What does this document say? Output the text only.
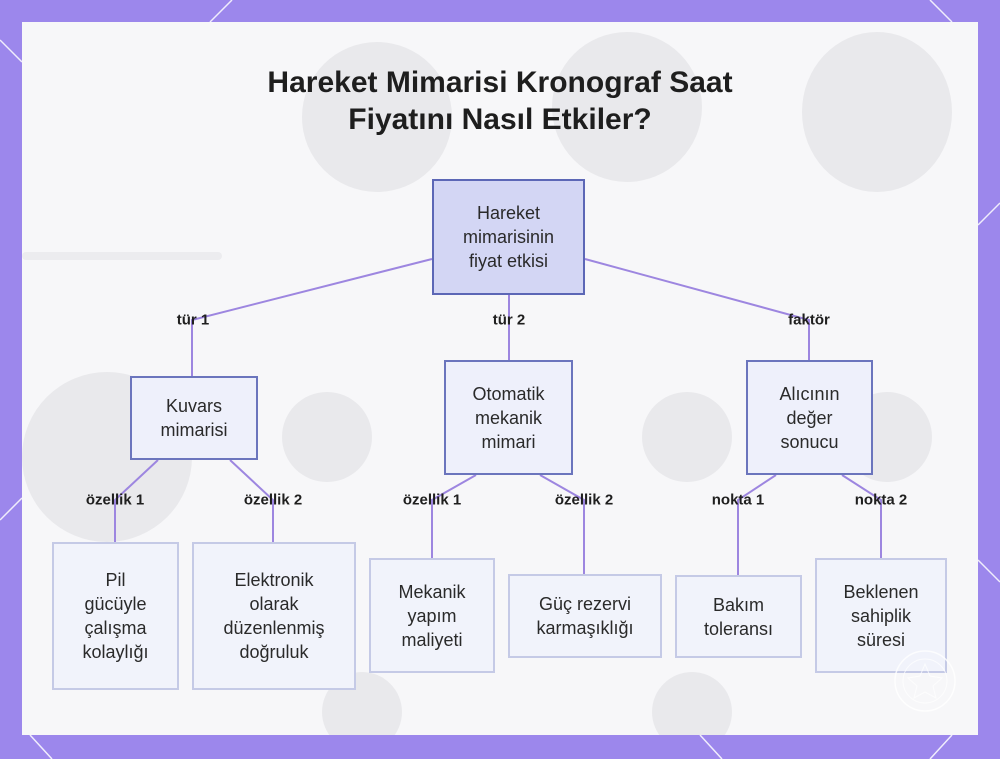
Hareket Mimarisi Kronograf Saat
Fiyatını Nasıl Etkiler?
tür 1	tür 2	faktör
özellik 1	özellik 2	özellik 1	özellik 2	nokta 1	nokta 2
Hareket mimarisinin fiyat etkisi
Kuvars mimarisi
Otomatik mekanik mimari
Alıcının değer sonucu
Pil gücüyle çalışma kolaylığı
Elektronik olarak düzenlenmiş doğruluk
Mekanik yapım maliyeti
Güç rezervi karmaşıklığı
Bakım toleransı
Beklenen sahiplik süresi
